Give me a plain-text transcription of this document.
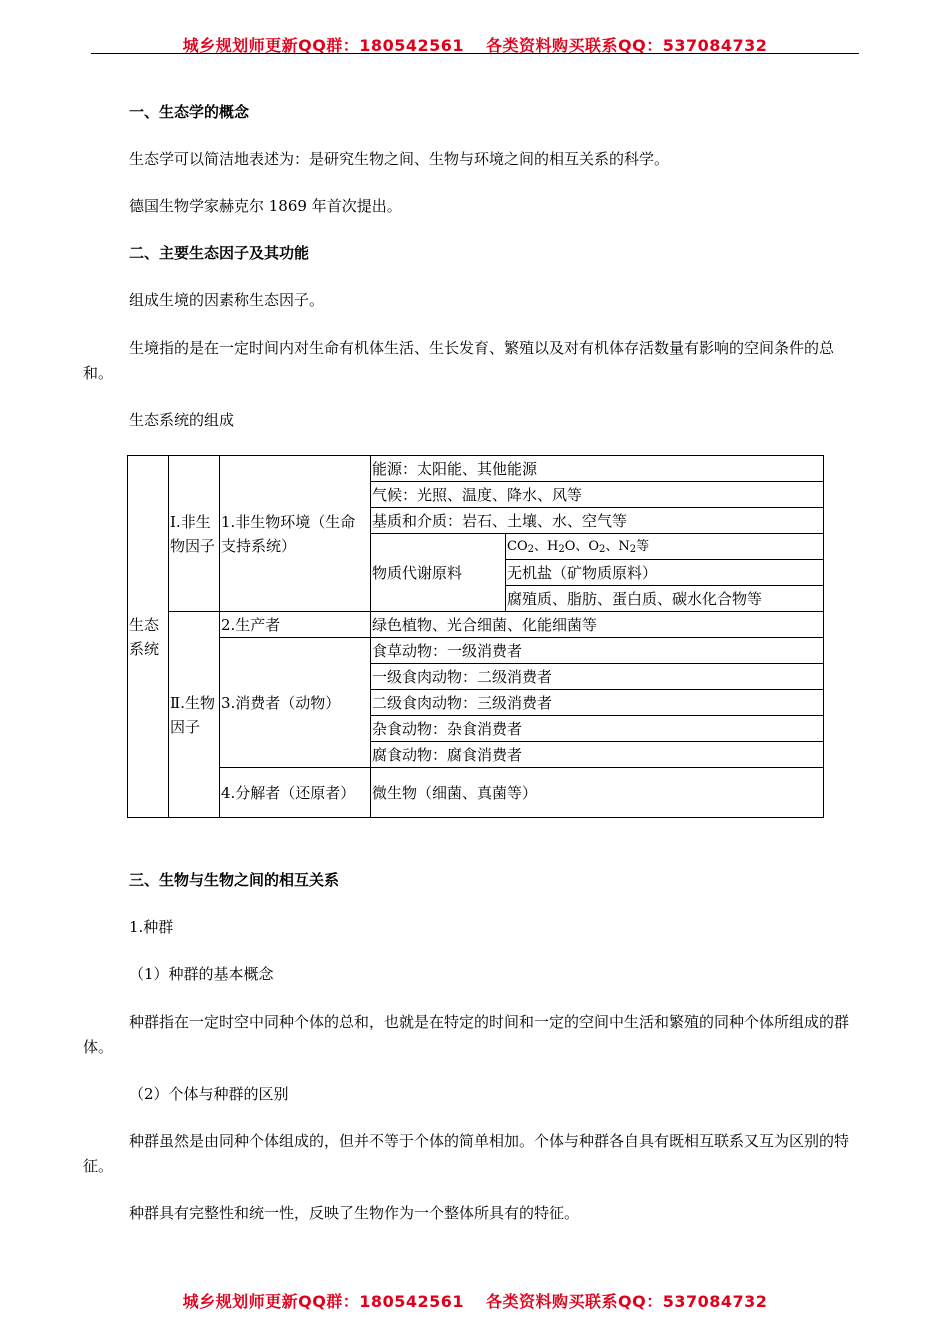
城乡规划师更新QQ群：180542561 各类资料购买联系QQ：537084732
一、生态学的概念
生态学可以简洁地表述为：是研究生物之间、生物与环境之间的相互关系的科学。
德国生物学家赫克尔 1869 年首次提出。
二、主要生态因子及其功能
组成生境的因素称生态因子。
生境指的是在一定时间内对生命有机体生活、生长发育、繁殖以及对有机体存活数量有影响的空间条件的总和。
生态系统的组成
生态系统	Ⅰ.非生物因子	1.非生物环境（生命支持系统）	能源：太阳能、其他能源	
			气候：光照、温度、降水、风等	
			基质和介质：岩石、土壤、水、空气等	
			物质代谢原料	$CO_2$、$H_2O$、$O_2$、$N_2$等
				无机盐（矿物质原料）
				腐殖质、脂肪、蛋白质、碳水化合物等
	Ⅱ.生物因子	2.生产者	绿色植物、光合细菌、化能细菌等	
		3.消费者（动物）	食草动物：一级消费者	
			一级食肉动物：二级消费者	
			二级食肉动物：三级消费者	
			杂食动物：杂食消费者	
			腐食动物：腐食消费者	
		4.分解者（还原者）	微生物（细菌、真菌等）	
三、生物与生物之间的相互关系
1.种群
（1）种群的基本概念
种群指在一定时空中同种个体的总和，也就是在特定的时间和一定的空间中生活和繁殖的同种个体所组成的群体。
（2）个体与种群的区别
种群虽然是由同种个体组成的，但并不等于个体的简单相加。个体与种群各自具有既相互联系又互为区别的特征。
种群具有完整性和统一性，反映了生物作为一个整体所具有的特征。
城乡规划师更新QQ群：180542561 各类资料购买联系QQ：537084732
